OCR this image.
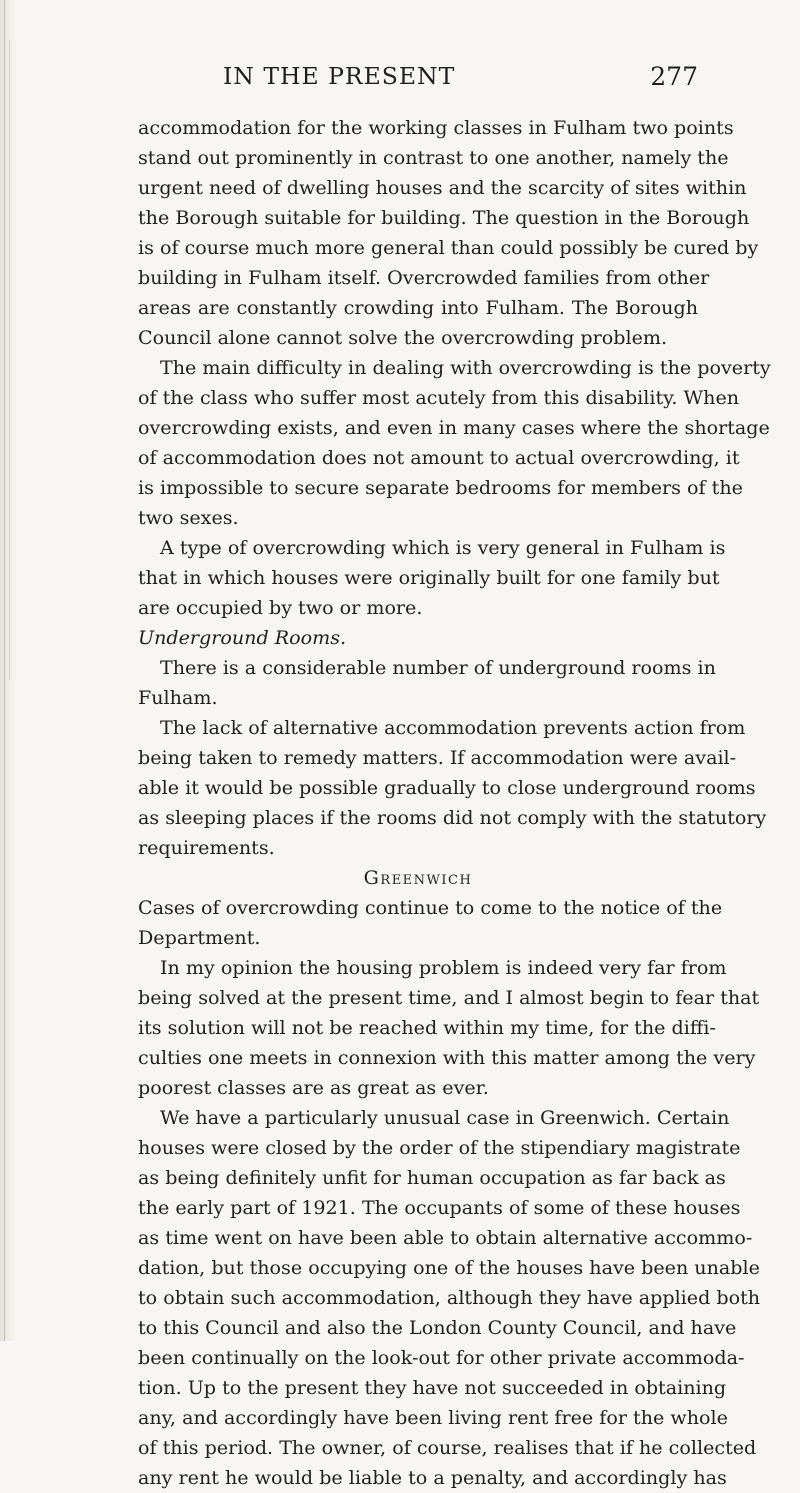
IN THE PRESENT	277
accommodation for the working classes in Fulham two points
stand out prominently in contrast to one another, namely the
urgent need of dwelling houses and the scarcity of sites within
the Borough suitable for building. The question in the Borough
is of course much more general than could possibly be cured by
building in Fulham itself. Overcrowded families from other
areas are constantly crowding into Fulham. The Borough
Council alone cannot solve the overcrowding problem.
The main difficulty in dealing with overcrowding is the poverty
of the class who suffer most acutely from this disability. When
overcrowding exists, and even in many cases where the shortage
of accommodation does not amount to actual overcrowding, it
is impossible to secure separate bedrooms for members of the
two sexes.
A type of overcrowding which is very general in Fulham is
that in which houses were originally built for one family but
are occupied by two or more.
Underground Rooms.
There is a considerable number of underground rooms in
Fulham.
The lack of alternative accommodation prevents action from
being taken to remedy matters. If accommodation were avail-
able it would be possible gradually to close underground rooms
as sleeping places if the rooms did not comply with the statutory
requirements.
Greenwich
Cases of overcrowding continue to come to the notice of the
Department.
In my opinion the housing problem is indeed very far from
being solved at the present time, and I almost begin to fear that
its solution will not be reached within my time, for the diffi-
culties one meets in connexion with this matter among the very
poorest classes are as great as ever.
We have a particularly unusual case in Greenwich. Certain
houses were closed by the order of the stipendiary magistrate
as being definitely unfit for human occupation as far back as
the early part of 1921. The occupants of some of these houses
as time went on have been able to obtain alternative accommo-
dation, but those occupying one of the houses have been unable
to obtain such accommodation, although they have applied both
to this Council and also the London County Council, and have
been continually on the look-out for other private accommoda-
tion. Up to the present they have not succeeded in obtaining
any, and accordingly have been living rent free for the whole
of this period. The owner, of course, realises that if he collected
any rent he would be liable to a penalty, and accordingly has
